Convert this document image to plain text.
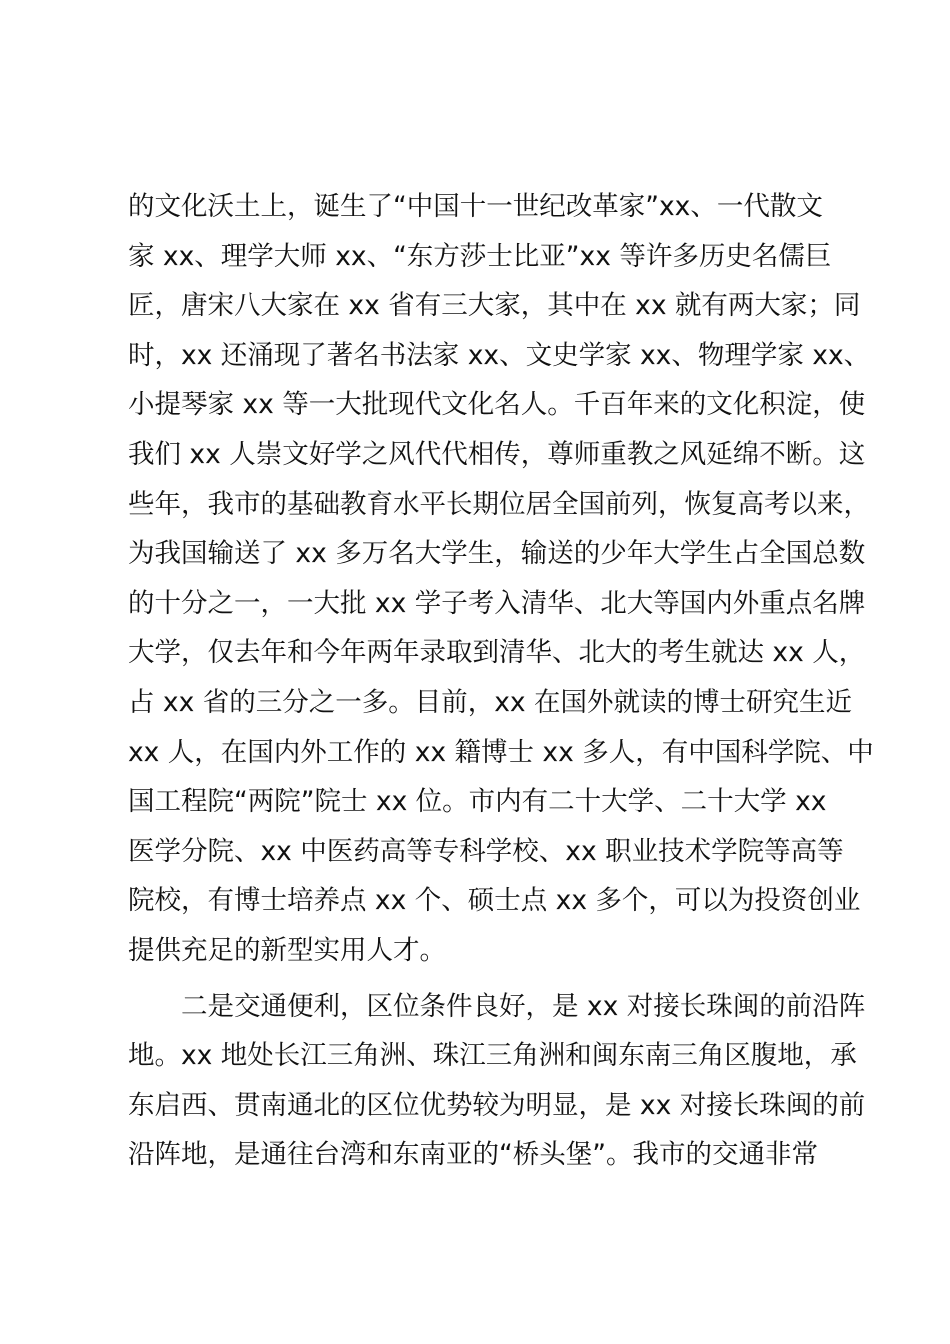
的文化沃土上，诞生了“中国十一世纪改革家”xx、一代散文
家 xx、理学大师 xx、“东方莎士比亚”xx 等许多历史名儒巨
匠，唐宋八大家在 xx 省有三大家，其中在 xx 就有两大家；同
时，xx 还涌现了著名书法家 xx、文史学家 xx、物理学家 xx、
小提琴家 xx 等一大批现代文化名人。千百年来的文化积淀，使
我们 xx 人崇文好学之风代代相传，尊师重教之风延绵不断。这
些年，我市的基础教育水平长期位居全国前列，恢复高考以来，
为我国输送了 xx 多万名大学生，输送的少年大学生占全国总数
的十分之一，一大批 xx 学子考入清华、北大等国内外重点名牌
大学，仅去年和今年两年录取到清华、北大的考生就达 xx 人，
占 xx 省的三分之一多。目前，xx 在国外就读的博士研究生近
xx 人，在国内外工作的 xx 籍博士 xx 多人，有中国科学院、中
国工程院“两院”院士 xx 位。市内有二十大学、二十大学 xx
医学分院、xx 中医药高等专科学校、xx 职业技术学院等高等
院校，有博士培养点 xx 个、硕士点 xx 多个，可以为投资创业
提供充足的新型实用人才。
二是交通便利，区位条件良好，是 xx 对接长珠闽的前沿阵
地。xx 地处长江三角洲、珠江三角洲和闽东南三角区腹地，承
东启西、贯南通北的区位优势较为明显，是 xx 对接长珠闽的前
沿阵地，是通往台湾和东南亚的“桥头堡”。我市的交通非常
